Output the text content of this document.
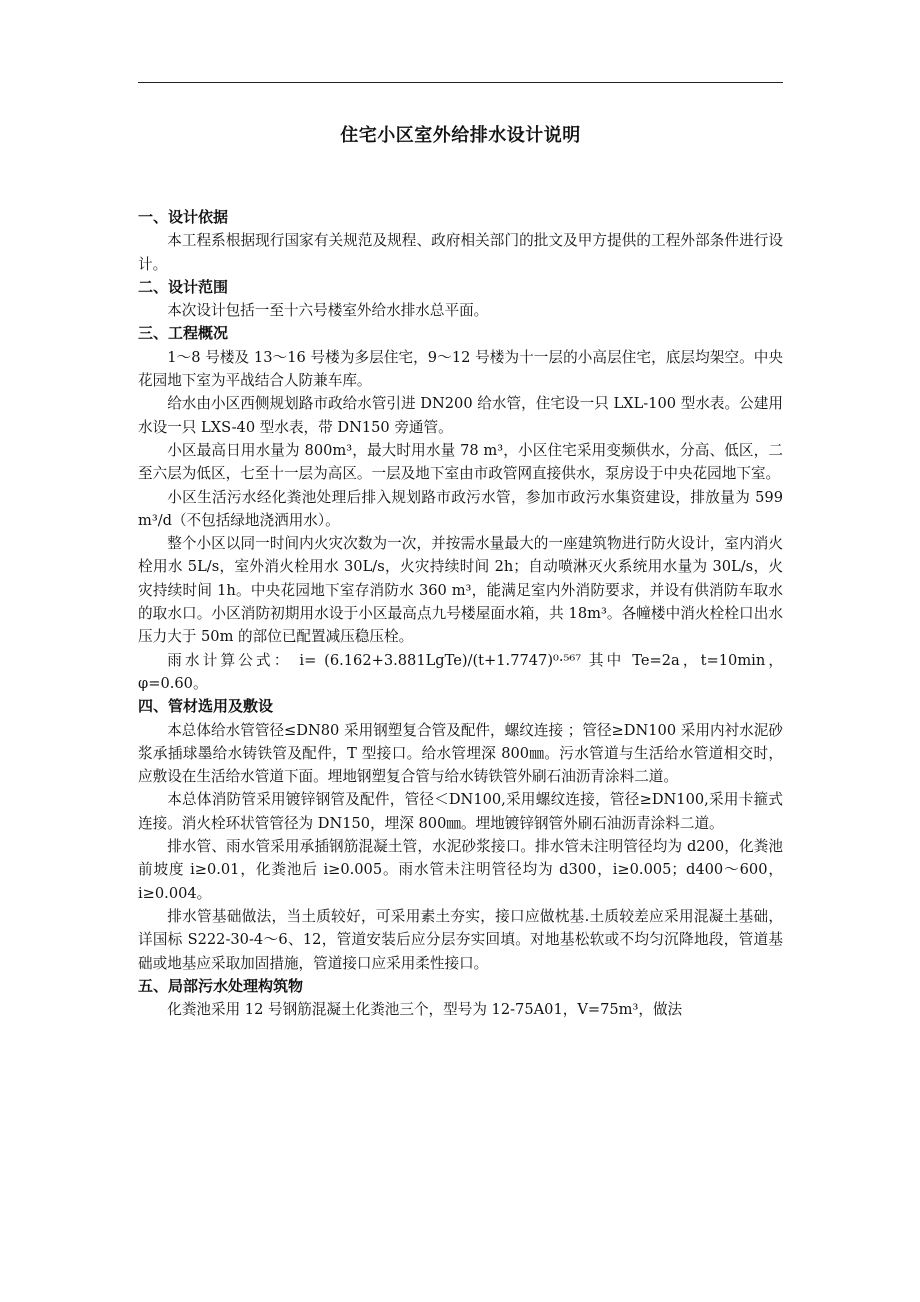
住宅小区室外给排水设计说明
一、设计依据

本工程系根据现行国家有关规范及规程、政府相关部门的批文及甲方提供的工程外部条件进行设计。

二、设计范围

本次设计包括一至十六号楼室外给水排水总平面。

三、工程概况

1～8 号楼及 13～16 号楼为多层住宅，9～12 号楼为十一层的小高层住宅，底层均架空。中央花园地下室为平战结合人防兼车库。

给水由小区西侧规划路市政给水管引进 DN200 给水管，住宅设一只 LXL-100 型水表。公建用水设一只 LXS-40 型水表，带 DN150 旁通管。

小区最高日用水量为 800m³，最大时用水量 78 m³，小区住宅采用变频供水，分高、低区，二至六层为低区，七至十一层为高区。一层及地下室由市政管网直接供水，泵房设于中央花园地下室。

小区生活污水经化粪池处理后排入规划路市政污水管，参加市政污水集资建设，排放量为 599 m³/d（不包括绿地浇洒用水）。

整个小区以同一时间内火灾次数为一次，并按需水量最大的一座建筑物进行防火设计，室内消火栓用水 5L/s，室外消火栓用水 30L/s，火灾持续时间 2h；自动喷淋灭火系统用水量为 30L/s，火灾持续时间 1h。中央花园地下室存消防水 360 m³，能满足室内外消防要求，并设有供消防车取水的取水口。小区消防初期用水设于小区最高点九号楼屋面水箱，共 18m³。各幢楼中消火栓栓口出水压力大于 50m 的部位已配置减压稳压栓。

雨水计算公式： i= (6.162+3.881LgTe)/(t+1.7747)⁰·⁵⁶⁷ 其中 Te=2a，t=10min，φ=0.60。

四、管材选用及敷设

本总体给水管管径≤DN80 采用钢塑复合管及配件，螺纹连接 ；管径≥DN100 采用内衬水泥砂浆承插球墨给水铸铁管及配件，T 型接口。给水管埋深 800㎜。污水管道与生活给水管道相交时，应敷设在生活给水管道下面。埋地钢塑复合管与给水铸铁管外刷石油沥青涂料二道。

本总体消防管采用镀锌钢管及配件，管径＜DN100,采用螺纹连接，管径≥DN100,采用卡箍式连接。消火栓环状管管径为 DN150，埋深 800㎜。埋地镀锌钢管外刷石油沥青涂料二道。

排水管、雨水管采用承插钢筋混凝土管，水泥砂浆接口。排水管未注明管径均为 d200，化粪池前坡度 i≥0.01，化粪池后 i≥0.005。雨水管未注明管径均为 d300，i≥0.005；d400～600，i≥0.004。

排水管基础做法，当土质较好，可采用素土夯实，接口应做枕基.土质较差应采用混凝土基础，详国标 S222-30-4～6、12，管道安装后应分层夯实回填。对地基松软或不均匀沉降地段，管道基础或地基应采取加固措施，管道接口应采用柔性接口。

五、局部污水处理构筑物

化粪池采用 12 号钢筋混凝土化粪池三个，型号为 12-75A01，V=75m³，做法
